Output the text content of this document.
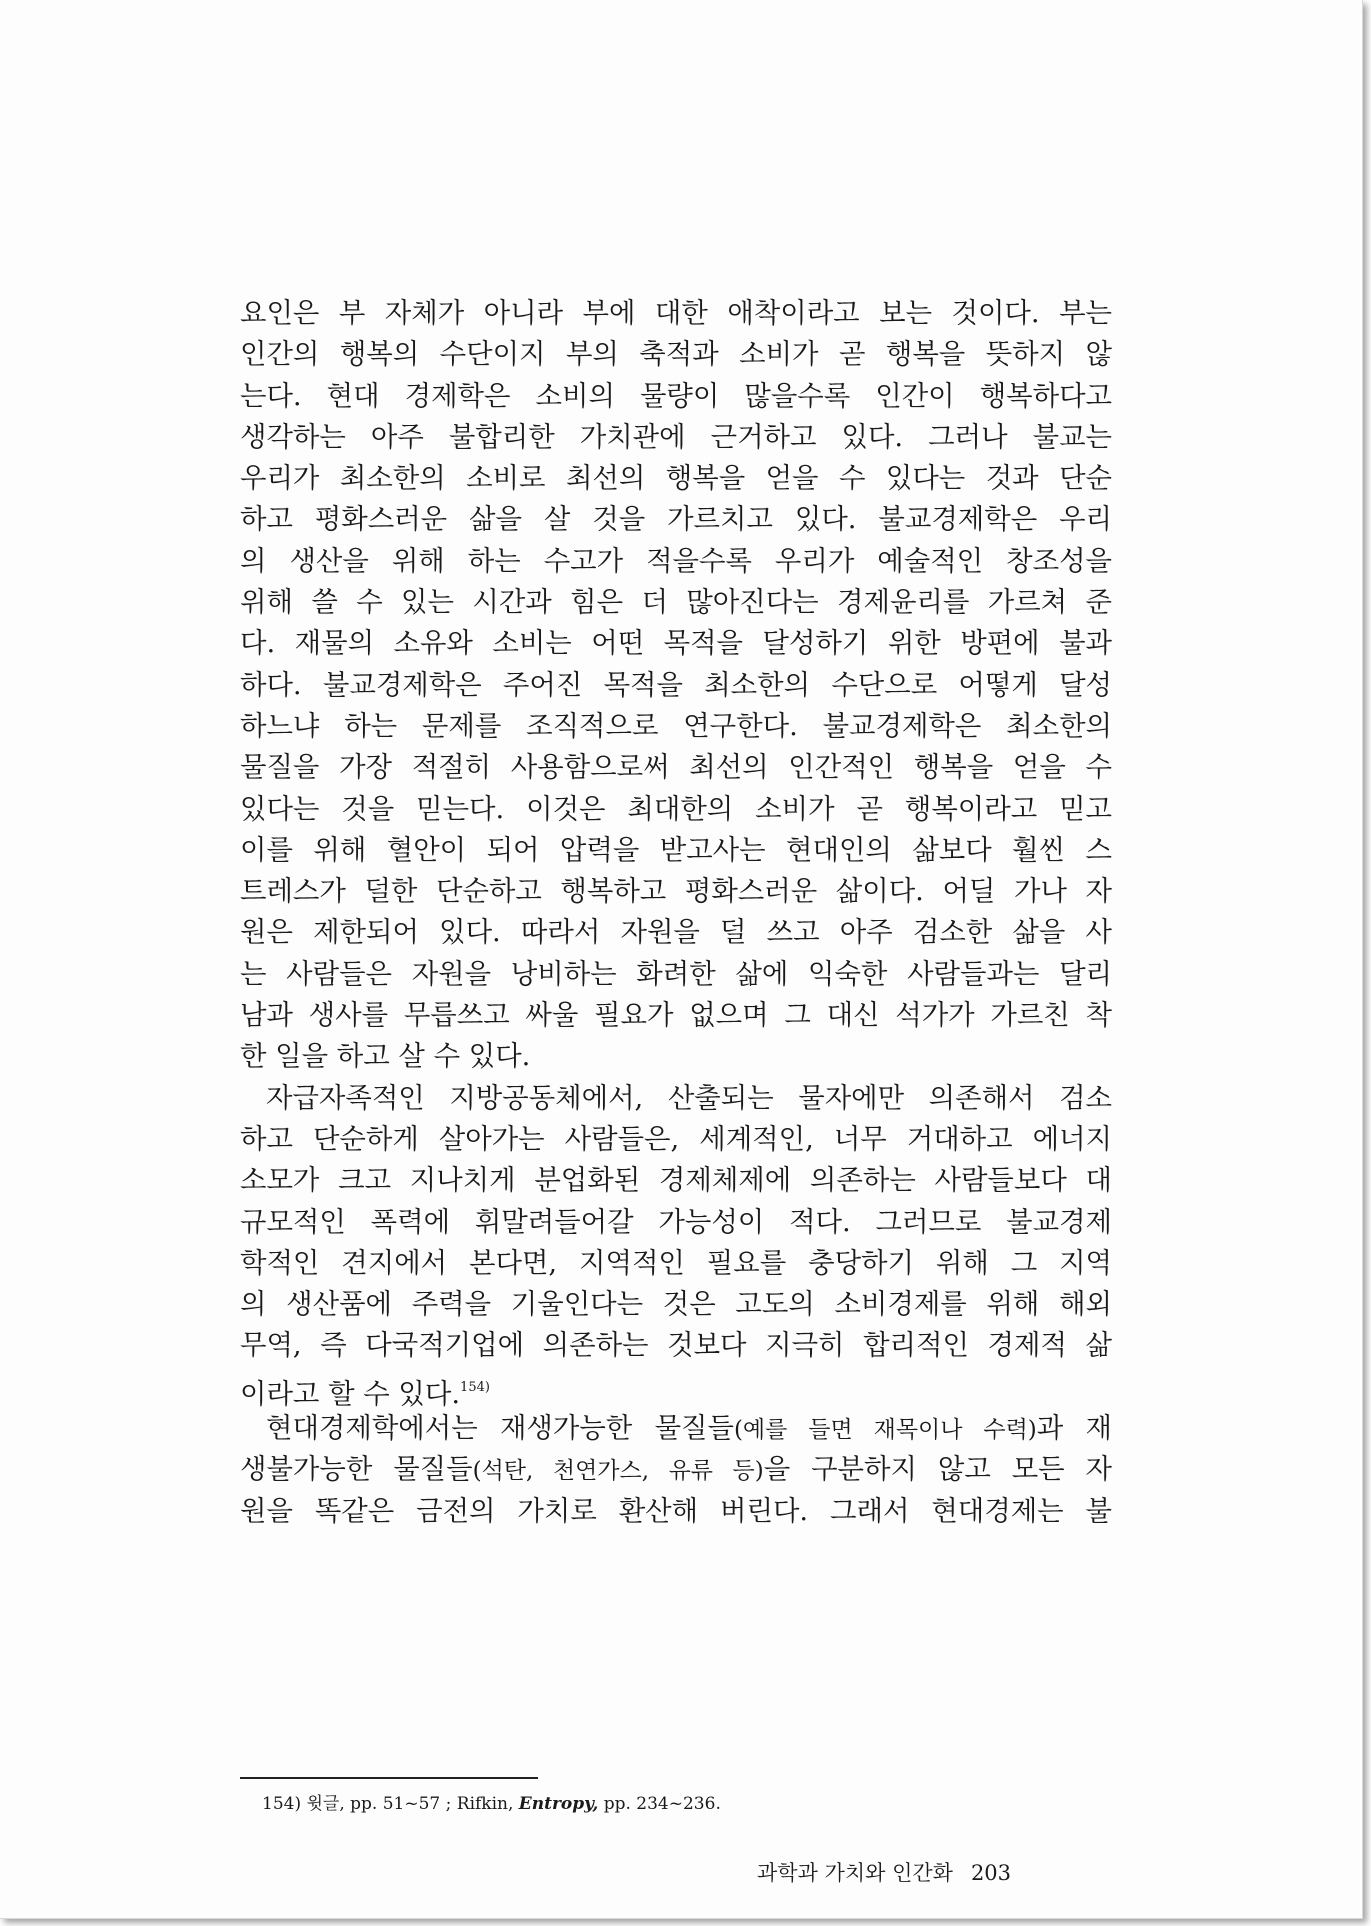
요인은 부 자체가 아니라 부에 대한 애착이라고 보는 것이다. 부는
인간의 행복의 수단이지 부의 축적과 소비가 곧 행복을 뜻하지 않
는다. 현대 경제학은 소비의 물량이 많을수록 인간이 행복하다고
생각하는 아주 불합리한 가치관에 근거하고 있다. 그러나 불교는
우리가 최소한의 소비로 최선의 행복을 얻을 수 있다는 것과 단순
하고 평화스러운 삶을 살 것을 가르치고 있다. 불교경제학은 우리
의 생산을 위해 하는 수고가 적을수록 우리가 예술적인 창조성을
위해 쓸 수 있는 시간과 힘은 더 많아진다는 경제윤리를 가르쳐 준
다. 재물의 소유와 소비는 어떤 목적을 달성하기 위한 방편에 불과
하다. 불교경제학은 주어진 목적을 최소한의 수단으로 어떻게 달성
하느냐 하는 문제를 조직적으로 연구한다. 불교경제학은 최소한의
물질을 가장 적절히 사용함으로써 최선의 인간적인 행복을 얻을 수
있다는 것을 믿는다. 이것은 최대한의 소비가 곧 행복이라고 믿고
이를 위해 혈안이 되어 압력을 받고사는 현대인의 삶보다 훨씬 스
트레스가 덜한 단순하고 행복하고 평화스러운 삶이다. 어딜 가나 자
원은 제한되어 있다. 따라서 자원을 덜 쓰고 아주 검소한 삶을 사
는 사람들은 자원을 낭비하는 화려한 삶에 익숙한 사람들과는 달리
남과 생사를 무릅쓰고 싸울 필요가 없으며 그 대신 석가가 가르친 착
한 일을 하고 살 수 있다.
자급자족적인 지방공동체에서, 산출되는 물자에만 의존해서 검소
하고 단순하게 살아가는 사람들은, 세계적인, 너무 거대하고 에너지
소모가 크고 지나치게 분업화된 경제체제에 의존하는 사람들보다 대
규모적인 폭력에 휘말려들어갈 가능성이 적다. 그러므로 불교경제
학적인 견지에서 본다면, 지역적인 필요를 충당하기 위해 그 지역
의 생산품에 주력을 기울인다는 것은 고도의 소비경제를 위해 해외
무역, 즉 다국적기업에 의존하는 것보다 지극히 합리적인 경제적 삶
이라고 할 수 있다.$^{154)}$
현대경제학에서는 재생가능한 물질들(예를 들면 재목이나 수력)과 재
생불가능한 물질들(석탄, 천연가스, 유류 등)을 구분하지 않고 모든 자
원을 똑같은 금전의 가치로 환산해 버린다. 그래서 현대경제는 불
154) 윗글, pp. 51~57 ; Rifkin, Entropy, pp. 234~236.
과학과 가치와 인간화 203
